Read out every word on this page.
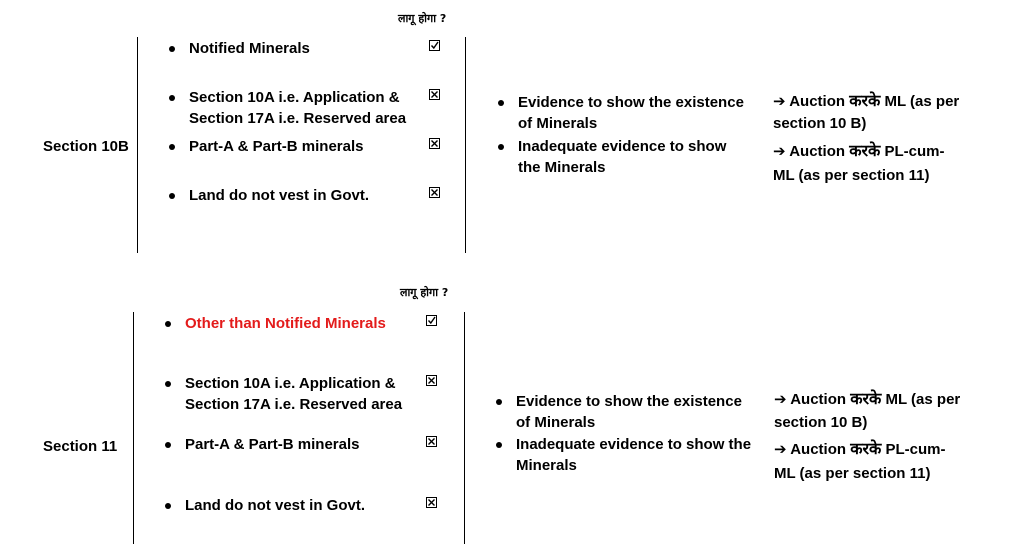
लागू होगा ?
Section 10B
Notified Minerals
Section 10A i.e. Application &
Section 17A i.e. Reserved area
Part-A & Part-B minerals
Land do not vest in Govt.
Evidence to show the existence
of Minerals
Inadequate evidence to show
the Minerals
➔ Auction करके ML (as per
section 10 B)
➔ Auction करके PL-cum-
ML (as per section 11)
लागू होगा ?
Section 11
Other than Notified Minerals
Section 10A i.e. Application &
Section 17A i.e. Reserved area
Part-A & Part-B minerals
Land do not vest in Govt.
Evidence to show the existence
of Minerals
Inadequate evidence to show the
Minerals
➔ Auction करके ML (as per
section 10 B)
➔ Auction करके PL-cum-
ML (as per section 11)
